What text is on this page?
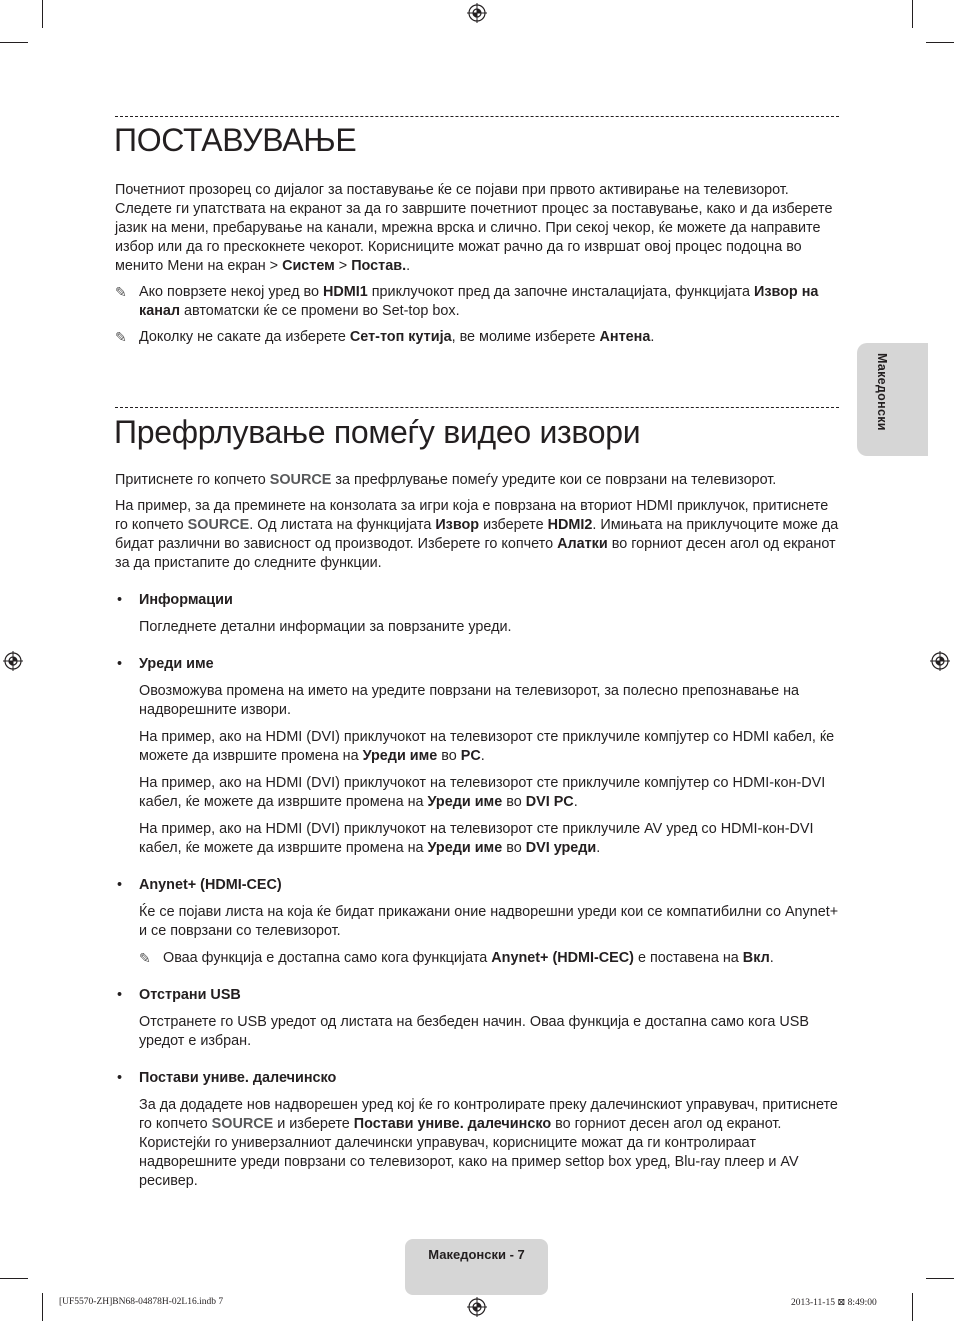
ПОСТАВУВАЊЕ

Почетниот прозорец со дијалог за поставување ќе се појави при првото активирање на телевизорот. Следете ги упатствата на екранот за да го завршите почетниот процес за поставување, како и да изберете јазик на мени, пребарување на канали, мрежна врска и слично. При секој чекор, ќе можете да направите избор или да го прескокнете чекорот. Корисниците можат рачно да го извршат овој процес подоцна во менито Мени на екран > Систем > Постав..

✎ Ако поврзете некој уред во HDMI1 приклучокот пред да започне инсталацијата, функцијата Извор на канал автоматски ќе се промени во Set-top box.

✎ Доколку не сакате да изберете Сет-топ кутија, ве молиме изберете Антена.

Префрлување помеѓу видео извори

Притиснете го копчето SOURCE за префрлување помеѓу уредите кои се поврзани на телевизорот.

На пример, за да преминете на конзолата за игри која е поврзана на вториот HDMI приклучок, притиснете го копчето SOURCE. Од листата на функцијата Извор изберете HDMI2. Имињата на приклучоците може да бидат различни во зависност од производот. Изберете го копчето Алатки во горниот десен агол од екранот за да пристапите до следните функции.

• Информации

Погледнете детални информации за поврзаните уреди.

• Уреди име

Овозможува промена на името на уредите поврзани на телевизорот, за полесно препознавање на надворешните извори.

На пример, ако на HDMI (DVI) приклучокот на телевизорот сте приклучиле компјутер со HDMI кабел, ќе можете да извршите промена на Уреди име во PC.

На пример, ако на HDMI (DVI) приклучокот на телевизорот сте приклучиле компјутер со HDMI-кон-DVI кабел, ќе можете да извршите промена на Уреди име во DVI PC.

На пример, ако на HDMI (DVI) приклучокот на телевизорот сте приклучиле AV уред со HDMI-кон-DVI кабел, ќе можете да извршите промена на Уреди име во DVI уреди.

• Anynet+ (HDMI-CEC)

Ќе се појави листа на која ќе бидат прикажани оние надворешни уреди кои се компатибилни со Anynet+ и се поврзани со телевизорот.

✎ Оваа функција е достапна само кога функцијата Anynet+ (HDMI-CEC) е поставена на Вкл.

• Отстрани USB

Отстранете го USB уредот од листата на безбеден начин. Оваа функција е достапна само кога USB уредот е избран.

• Постави униве. далечинско

За да додадете нов надворешен уред кој ќе го контролирате преку далечинскиот управувач, притиснете го копчето SOURCE и изберете Постави униве. далечинско во горниот десен агол од екранот. Користејќи го универзалниот далечински управувач, корисниците можат да ги контролираат надворешните уреди поврзани со телевизорот, како на пример settop box уред, Blu-ray плеер и AV ресивер.

Македонски
Македонски - 7
[UF5570-ZH]BN68-04878H-02L16.indb 7	2013-11-15 ⊠ 8:49:00
